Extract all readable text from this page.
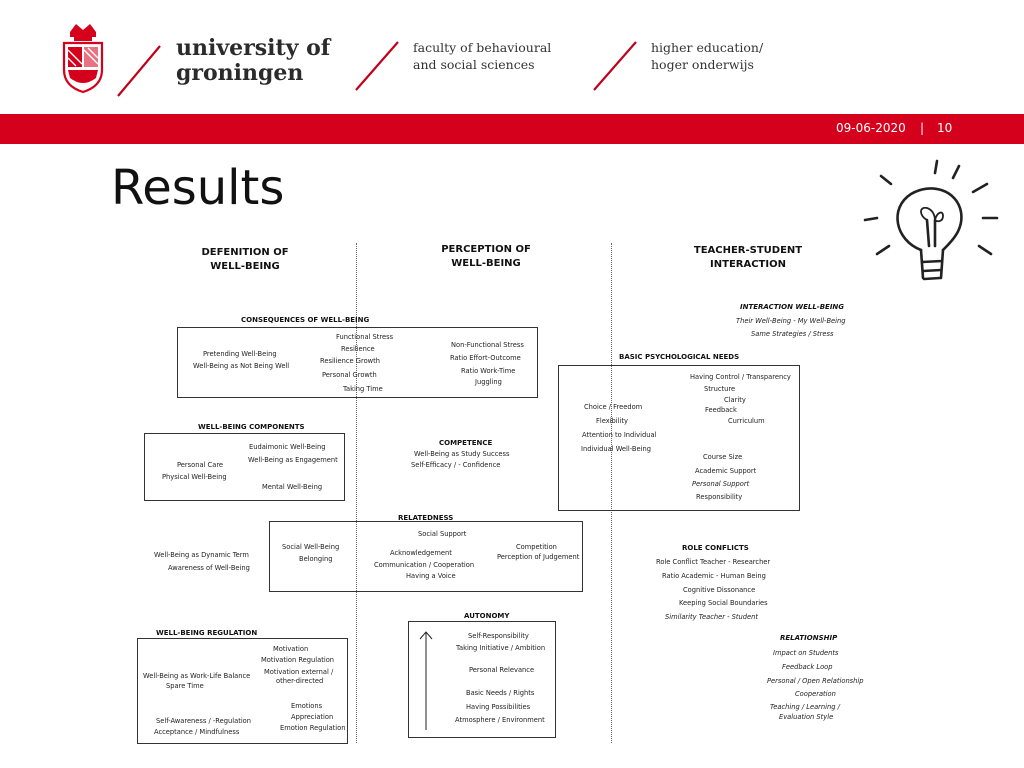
university of
groningen
faculty of behavioural
and social sciences
higher education/
hoger onderwijs
09-06-2020 | 10
Results
DEFENITION OF
WELL-BEING
PERCEPTION OF
WELL-BEING
TEACHER-STUDENT
INTERACTION
CONSEQUENCES OF WELL-BEING
Pretending Well-Being
Well-Being as Not Being Well
Functional Stress
Resilience
Resilience Growth
Personal Growth
Taking Time
Non-Functional Stress
Ratio Effort-Outcome
Ratio Work-Time
Juggling
WELL-BEING COMPONENTS
Eudaimonic Well-Being
Well-Being as Engagement
Personal Care
Physical Well-Being
Mental Well-Being
COMPETENCE
Well-Being as Study Success
Self-Efficacy / - Confidence
RELATEDNESS
Social Support
Social Well-Being
Belonging
Acknowledgement
Communication / Cooperation
Having a Voice
Competition
Perception of Judgement
Well-Being as Dynamic Term
Awareness of Well-Being
AUTONOMY
Self-Responsibility
Taking Initiative / Ambition
Personal Relevance
Basic Needs / Rights
Having Possibilities
Atmosphere / Environment
WELL-BEING REGULATION
Motivation
Motivation Regulation
Motivation external /
other-directed
Well-Being as Work-Life Balance
Spare Time
Emotions
Appreciation
Emotion Regulation
Self-Awareness / -Regulation
Acceptance / Mindfulness
INTERACTION WELL-BEING
Their Well-Being - My Well-Being
Same Strategies / Stress
BASIC PSYCHOLOGICAL NEEDS
Having Control / Transparency
Structure
Clarity
Feedback
Curriculum
Choice / Freedom
Flexibility
Attention to Individual
Individual Well-Being
Course Size
Academic Support
Personal Support
Responsibility
ROLE CONFLICTS
Role Conflict Teacher - Researcher
Ratio Academic - Human Being
Cognitive Dissonance
Keeping Social Boundaries
Similarity Teacher - Student
RELATIONSHIP
Impact on Students
Feedback Loop
Personal / Open Relationship
Cooperation
Teaching / Learning /
Evaluation Style
